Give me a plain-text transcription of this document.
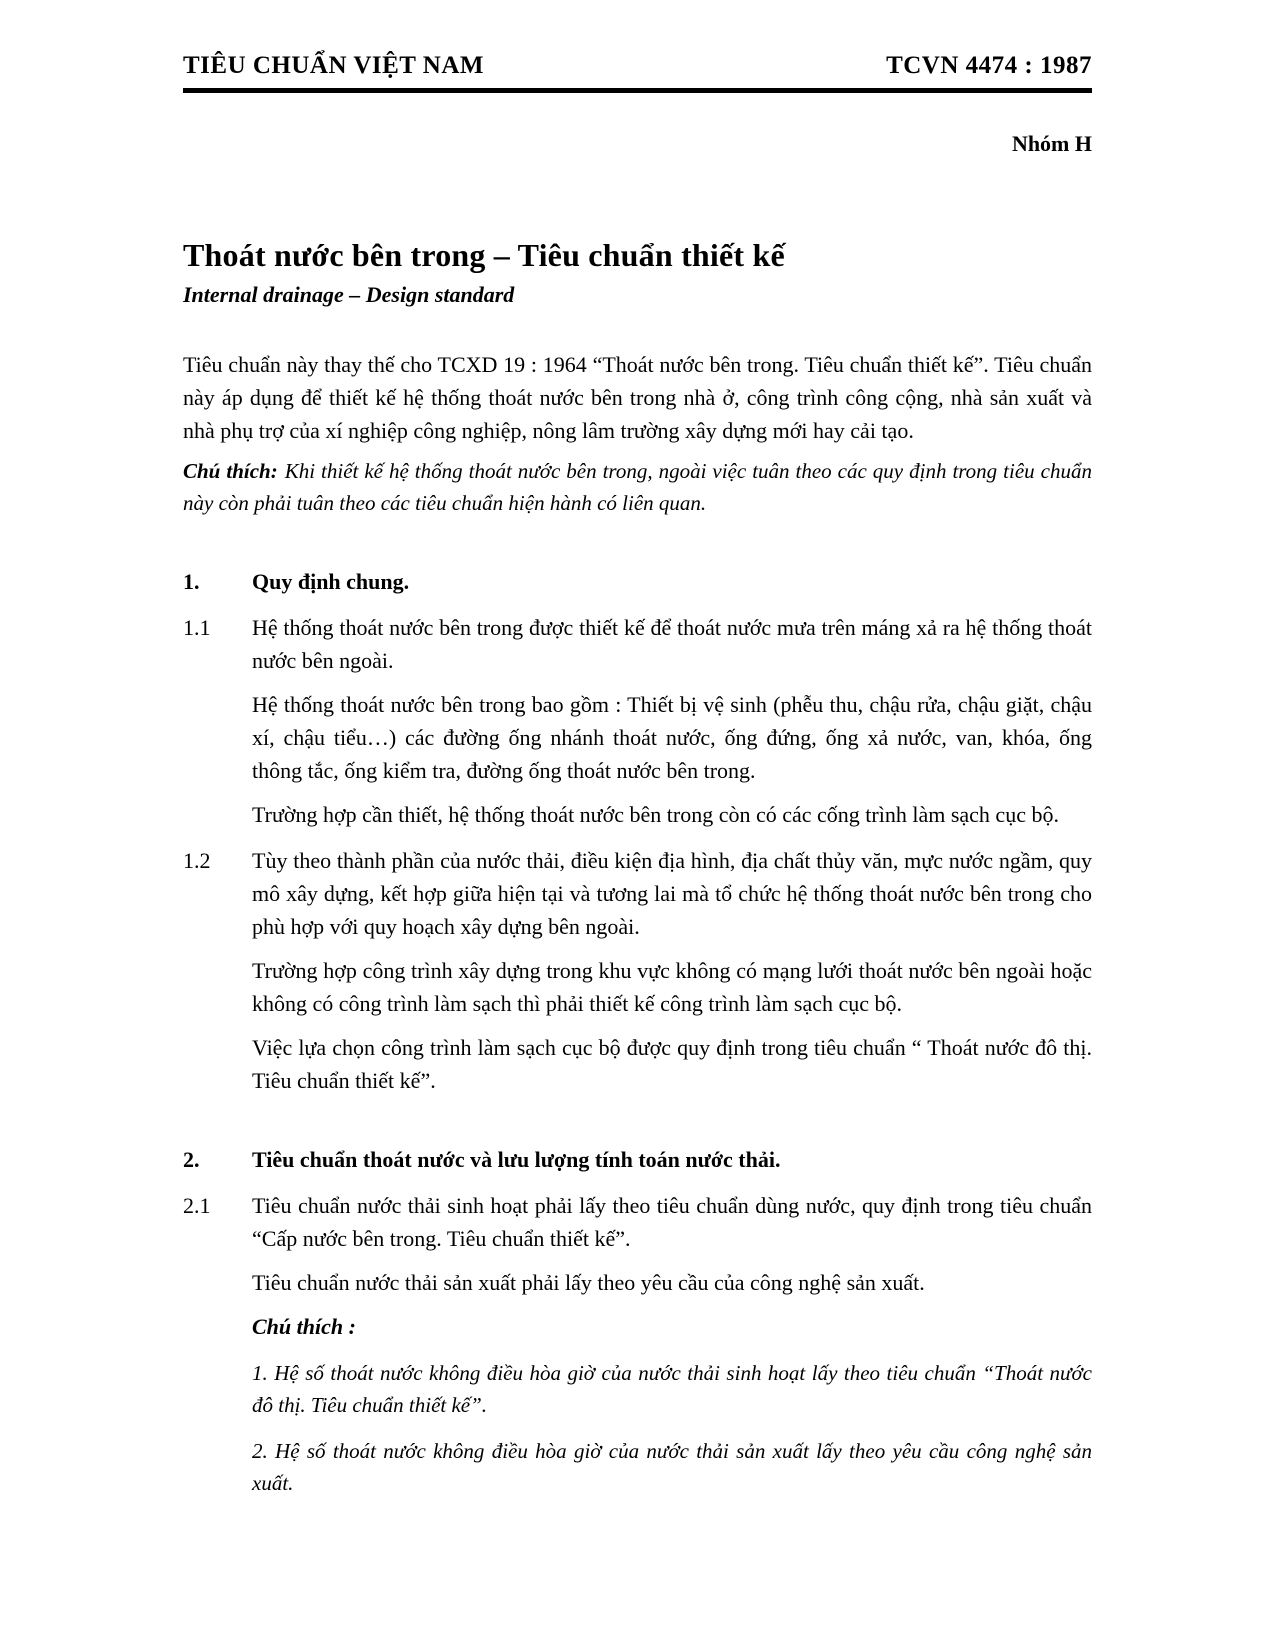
TIÊU CHUẨN VIỆT NAM	TCVN 4474 : 1987
Nhóm H
Thoát nước bên trong – Tiêu chuẩn thiết kế
Internal drainage – Design standard

Tiêu chuẩn này thay thế cho TCXD 19 : 1964 “Thoát nước bên trong. Tiêu chuẩn thiết kế”. Tiêu chuẩn này áp dụng để thiết kế hệ thống thoát nước bên trong nhà ở, công trình công cộng, nhà sản xuất và nhà phụ trợ của xí nghiệp công nghiệp, nông lâm trường xây dựng mới hay cải tạo.

Chú thích: Khi thiết kế hệ thống thoát nước bên trong, ngoài việc tuân theo các quy định trong tiêu chuẩn này còn phải tuân theo các tiêu chuẩn hiện hành có liên quan.

1.	Quy định chung.
1.1	Hệ thống thoát nước bên trong được thiết kế để thoát nước mưa trên máng xả ra hệ thống thoát nước bên ngoài.

Hệ thống thoát nước bên trong bao gồm : Thiết bị vệ sinh (phễu thu, chậu rửa, chậu giặt, chậu xí, chậu tiểu…) các đường ống nhánh thoát nước, ống đứng, ống xả nước, van, khóa, ống thông tắc, ống kiểm tra, đường ống thoát nước bên trong.

Trường hợp cần thiết, hệ thống thoát nước bên trong còn có các cống trình làm sạch cục bộ.

1.2	Tùy theo thành phần của nước thải, điều kiện địa hình, địa chất thủy văn, mực nước ngầm, quy mô xây dựng, kết hợp giữa hiện tại và tương lai mà tổ chức hệ thống thoát nước bên trong cho phù hợp với quy hoạch xây dựng bên ngoài.

Trường hợp công trình xây dựng trong khu vực không có mạng lưới thoát nước bên ngoài hoặc không có công trình làm sạch thì phải thiết kế công trình làm sạch cục bộ.

Việc lựa chọn công trình làm sạch cục bộ được quy định trong tiêu chuẩn “ Thoát nước đô thị. Tiêu chuẩn thiết kế”.

2.	Tiêu chuẩn thoát nước và lưu lượng tính toán nước thải.
2.1	Tiêu chuẩn nước thải sinh hoạt phải lấy theo tiêu chuẩn dùng nước, quy định trong tiêu chuẩn “Cấp nước bên trong. Tiêu chuẩn thiết kế”.

Tiêu chuẩn nước thải sản xuất phải lấy theo yêu cầu của công nghệ sản xuất.

Chú thích :

1. Hệ số thoát nước không điều hòa giờ của nước thải sinh hoạt lấy theo tiêu chuẩn “Thoát nước đô thị. Tiêu chuẩn thiết kế”.

2. Hệ số thoát nước không điều hòa giờ của nước thải sản xuất lấy theo yêu cầu công nghệ sản xuất.
